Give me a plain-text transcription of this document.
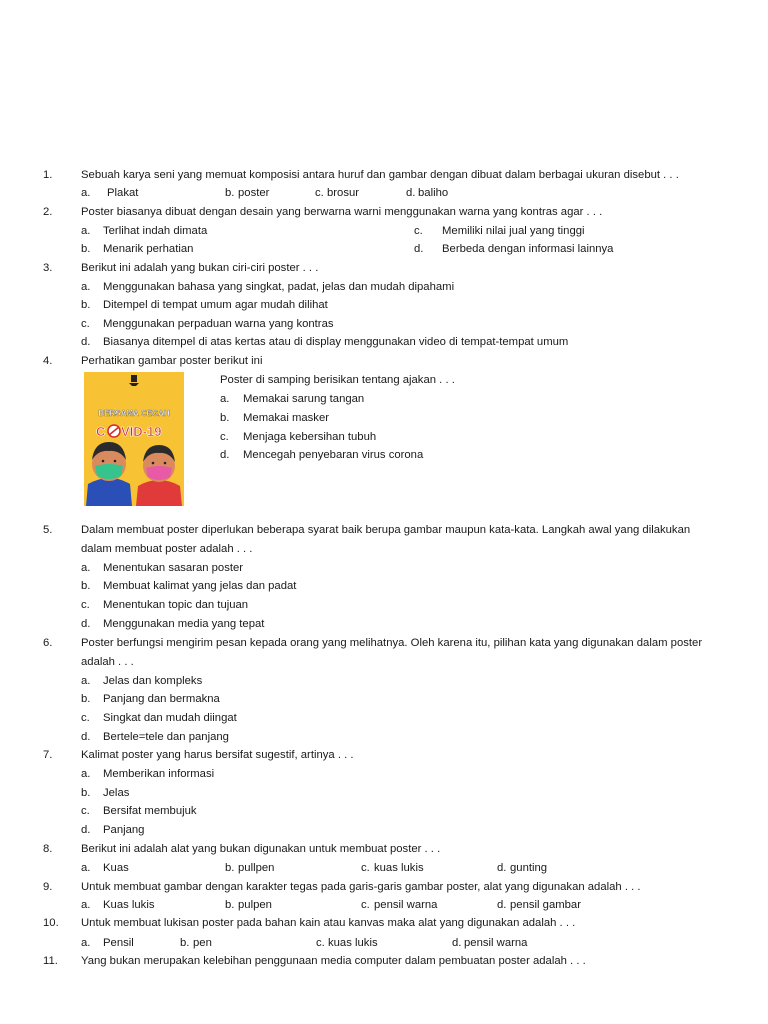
1.	Sebuah karya seni yang memuat komposisi antara huruf dan gambar dengan dibuat dalam berbagai ukuran disebut . . .
a. Plakat	b. poster	c. brosur	d. baliho
2.	Poster biasanya dibuat dengan desain yang berwarna warni menggunakan warna yang kontras agar . . .
a. Terlihat indah dimata	c. Memiliki nilai jual yang tinggi
b. Menarik perhatian	d. Berbeda dengan informasi lainnya
3.	Berikut ini adalah yang bukan ciri-ciri poster . . .
a. Menggunakan bahasa yang singkat, padat, jelas dan mudah dipahami
b. Ditempel di tempat umum agar mudah dilihat
c. Menggunakan perpaduan warna yang kontras
d. Biasanya ditempel di atas kertas atau di display menggunakan video di tempat-tempat umum
4.	Perhatikan gambar poster berikut ini
Poster di samping berisikan tentang ajakan . . .
a. Memakai sarung tangan
b. Memakai masker
c. Menjaga kebersihan tubuh
d. Mencegah penyebaran virus corona
5.	Dalam membuat poster diperlukan beberapa syarat baik berupa gambar maupun kata-kata. Langkah awal yang dilakukan
dalam membuat poster adalah . . .
a. Menentukan sasaran poster
b. Membuat kalimat yang jelas dan padat
c. Menentukan topic dan tujuan
d. Menggunakan media yang tepat
6.	Poster berfungsi mengirim pesan kepada orang yang melihatnya. Oleh karena itu, pilihan kata yang digunakan dalam poster
adalah . . .
a. Jelas dan kompleks
b. Panjang dan bermakna
c. Singkat dan mudah diingat
d. Bertele=tele dan panjang
7.	Kalimat poster yang harus bersifat sugestif, artinya . . .
a. Memberikan informasi
b. Jelas
c. Bersifat membujuk
d. Panjang
8.	Berikut ini adalah alat yang bukan digunakan untuk membuat poster . . .
a. Kuas	b. pullpen	c. kuas lukis	d. gunting
9.	Untuk membuat gambar dengan karakter tegas pada garis-garis gambar poster, alat yang digunakan adalah . . .
a. Kuas lukis	b. pulpen	c. pensil warna	d. pensil gambar
10. Untuk membuat lukisan poster pada bahan kain atau kanvas maka alat yang digunakan adalah . . .
a. Pensil	b. pen	c. kuas lukis	d. pensil warna
11. Yang bukan merupakan kelebihan penggunaan media computer dalam pembuatan poster adalah . . .
BERSAMA CEGAH
C VID-19
